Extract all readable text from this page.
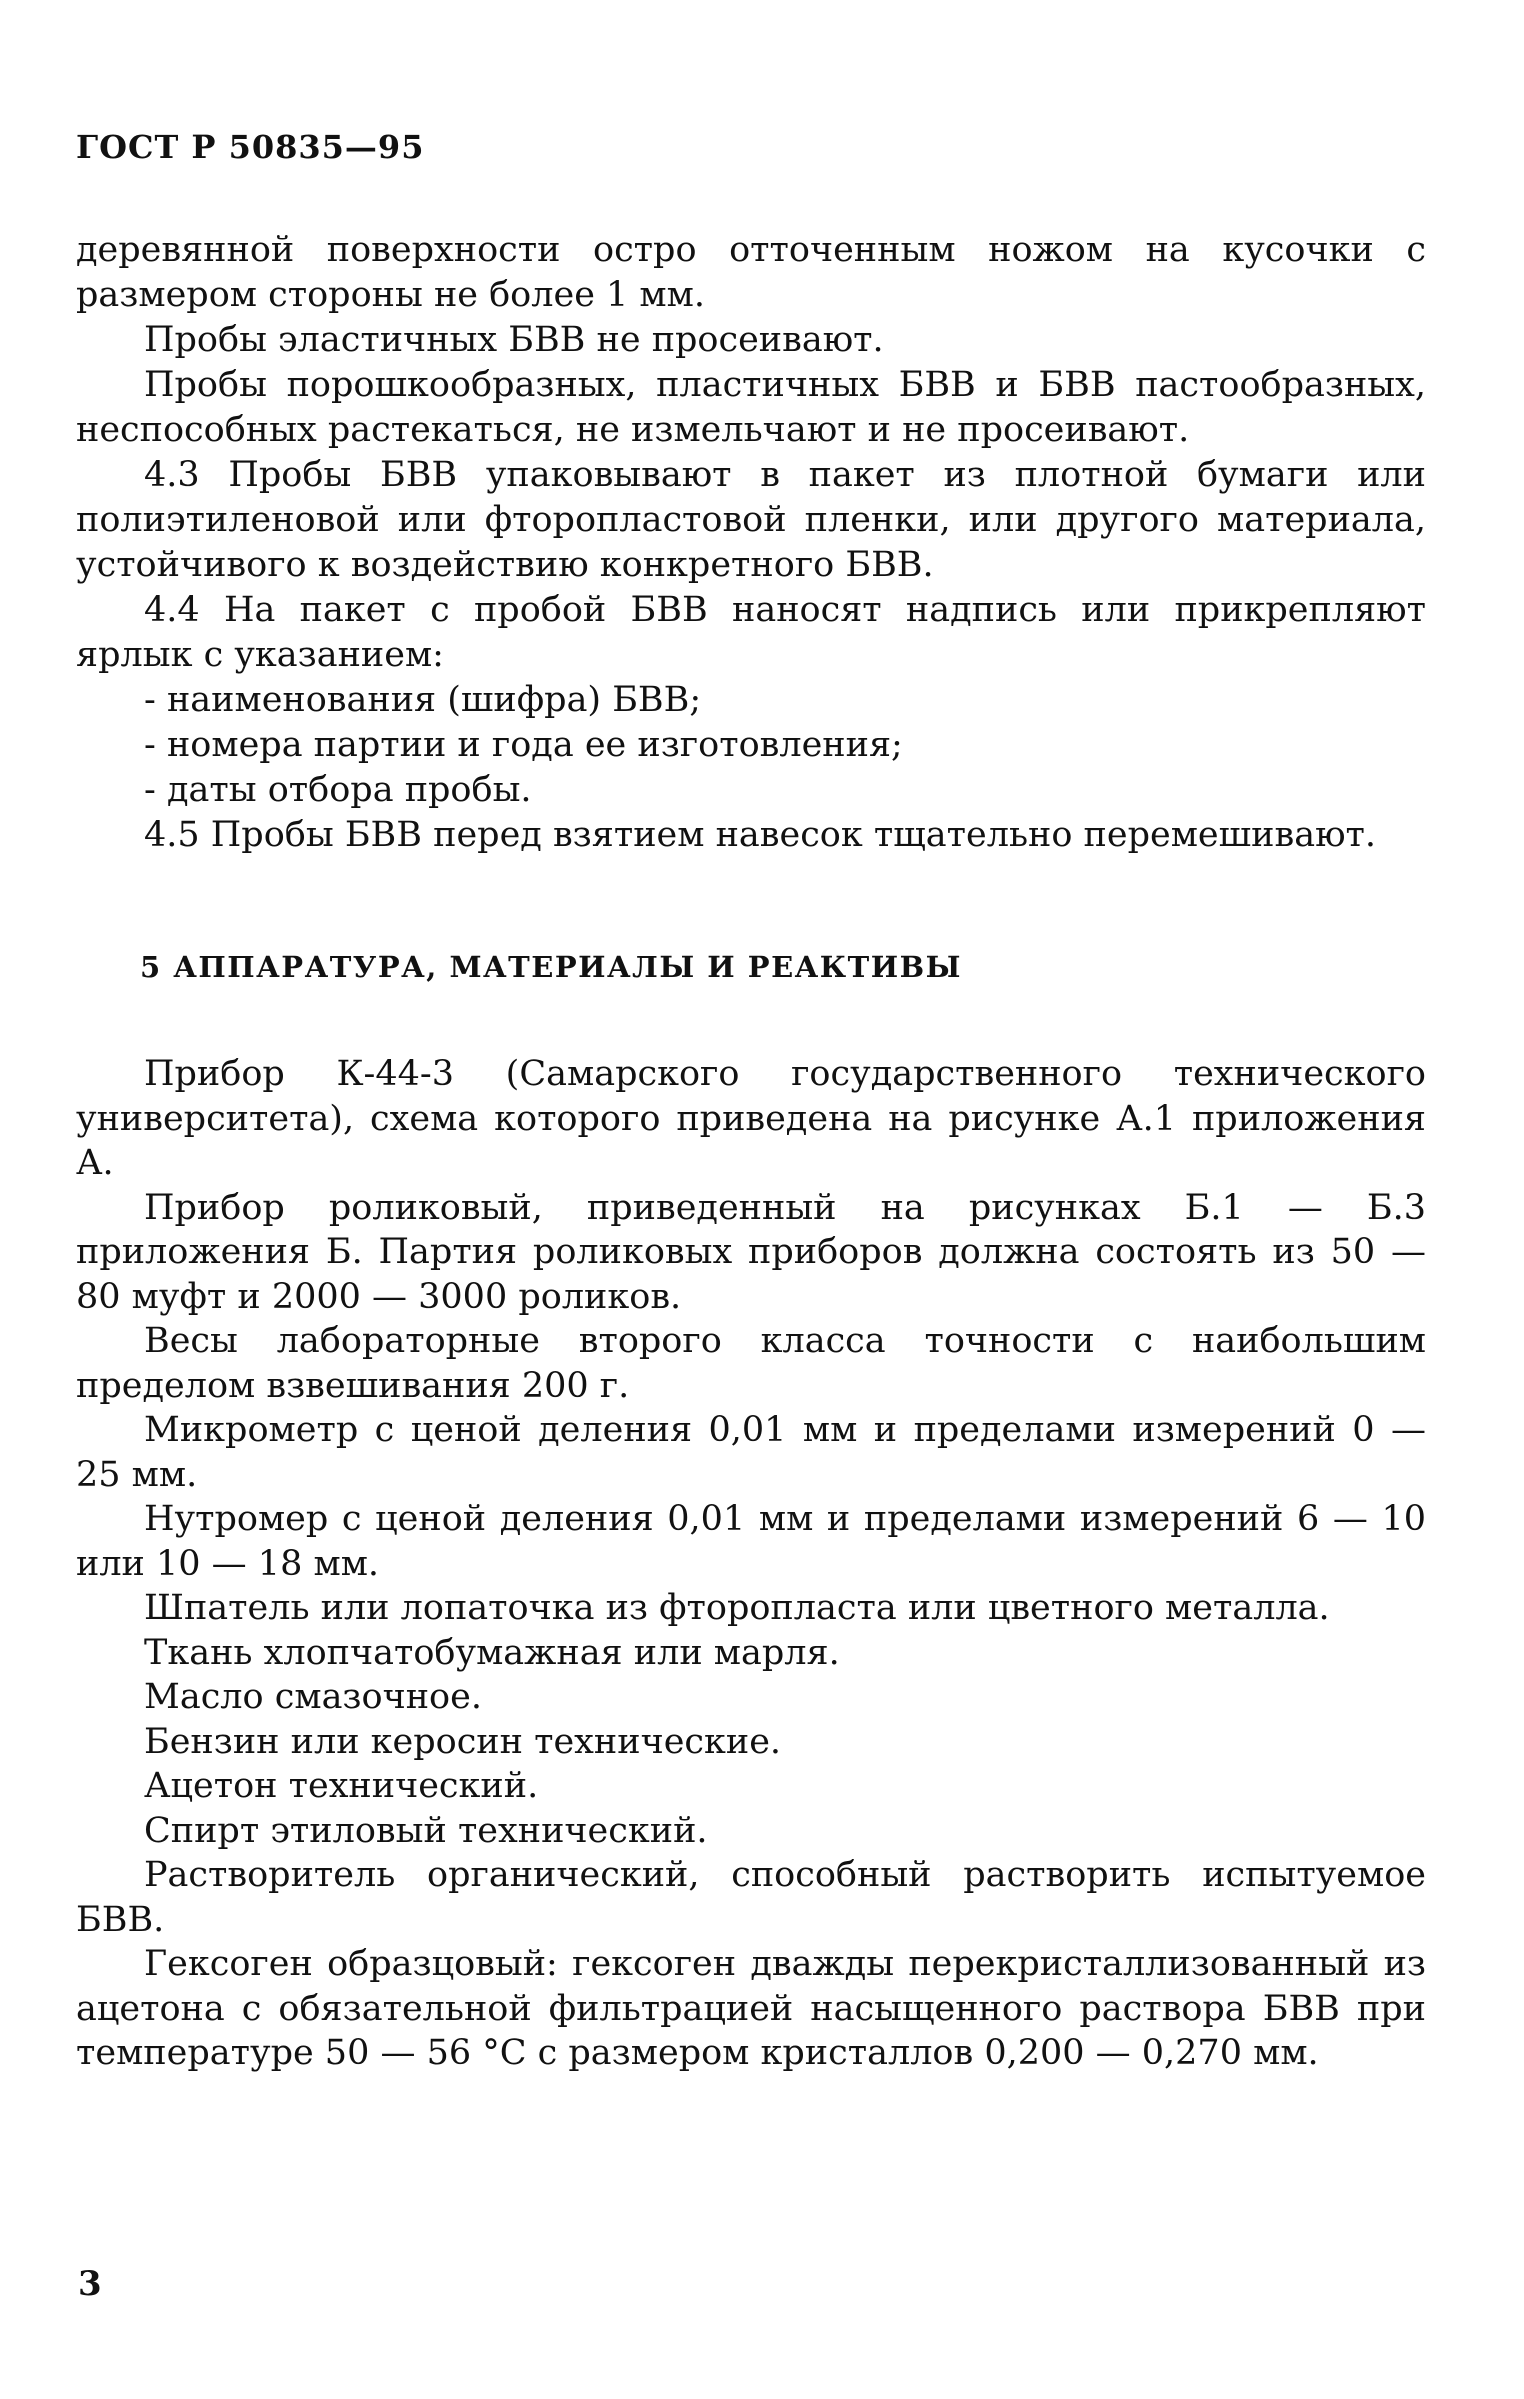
ГОСТ Р 50835—95

деревянной поверхности остро отточенным ножом на кусочки с размером стороны не более 1 мм.

Пробы эластичных БВВ не просеивают.

Пробы порошкообразных, пластичных БВВ и БВВ пастообразных, неспособных растекаться, не измельчают и не просеивают.

4.3 Пробы БВВ упаковывают в пакет из плотной бумаги или полиэтиленовой или фторопластовой пленки, или другого материала, устойчивого к воздействию конкретного БВВ.

4.4 На пакет с пробой БВВ наносят надпись или прикрепляют ярлык с указанием:

- наименования (шифра) БВВ;

- номера партии и года ее изготовления;

- даты отбора пробы.

4.5 Пробы БВВ перед взятием навесок тщательно перемешивают.

5 АППАРАТУРА, МАТЕРИАЛЫ И РЕАКТИВЫ

Прибор К-44-3 (Самарского государственного технического университета), схема которого приведена на рисунке А.1 приложения А.

Прибор роликовый, приведенный на рисунках Б.1 — Б.3 приложения Б. Партия роликовых приборов должна состоять из 50 — 80 муфт и 2000 — 3000 роликов.

Весы лабораторные второго класса точности с наибольшим пределом взвешивания 200 г.

Микрометр с ценой деления 0,01 мм и пределами измерений 0 — 25 мм.

Нутромер с ценой деления 0,01 мм и пределами измерений 6 — 10 или 10 — 18 мм.

Шпатель или лопаточка из фторопласта или цветного металла.

Ткань хлопчатобумажная или марля.

Масло смазочное.

Бензин или керосин технические.

Ацетон технический.

Спирт этиловый технический.

Растворитель органический, способный растворить испытуемое БВВ.

Гексоген образцовый: гексоген дважды перекристаллизованный из ацетона с обязательной фильтрацией насыщенного раствора БВВ при температуре 50 — 56 °С с размером кристаллов 0,200 — 0,270 мм.

3
